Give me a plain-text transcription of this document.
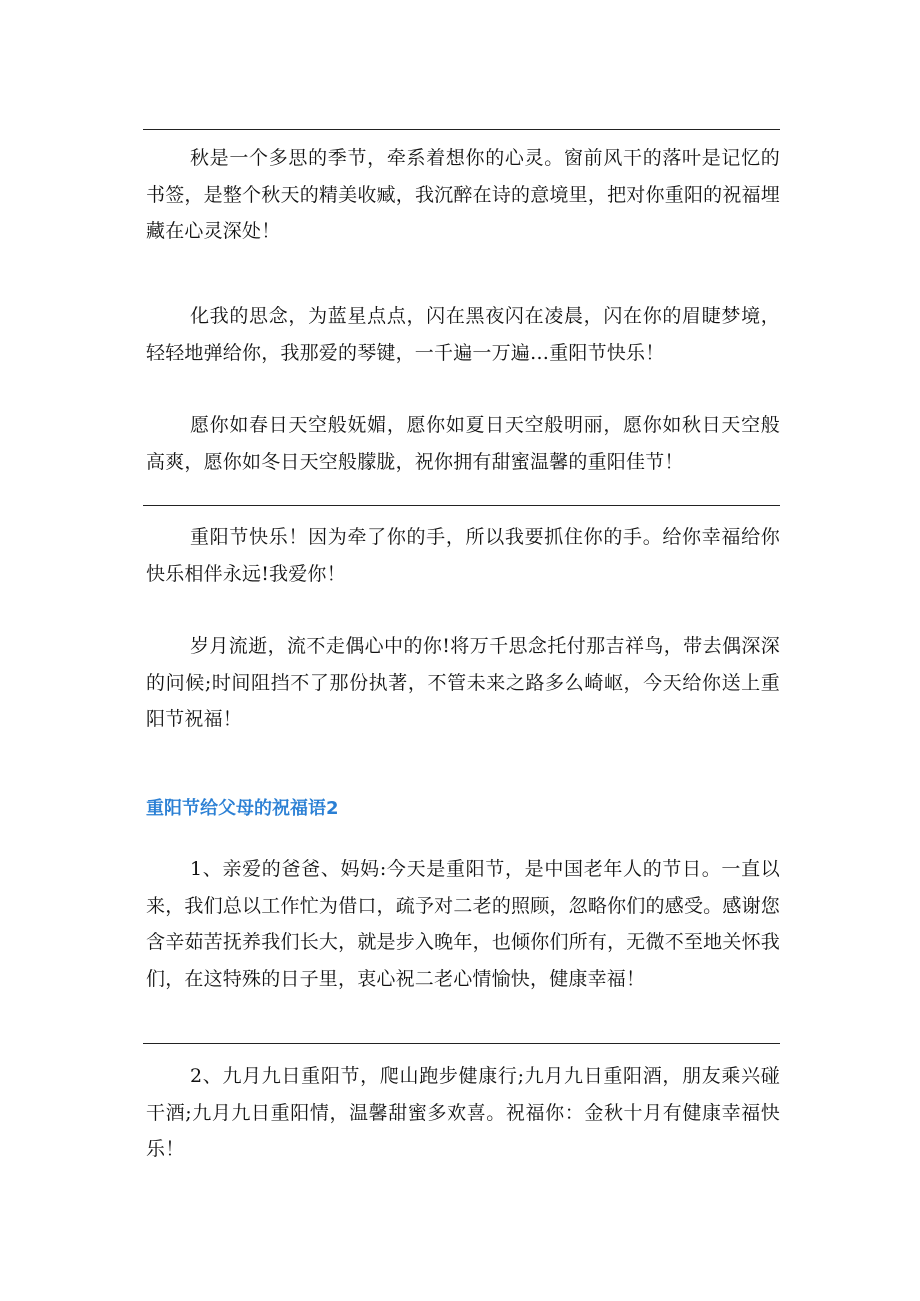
秋是一个多思的季节，牵系着想你的心灵。窗前风干的落叶是记忆的书签，是整个秋天的精美收臧，我沉醉在诗的意境里，把对你重阳的祝福埋藏在心灵深处！

化我的思念，为蓝星点点，闪在黑夜闪在凌晨，闪在你的眉睫梦境，轻轻地弹给你，我那爱的琴键，一千遍一万遍…重阳节快乐！

愿你如春日天空般妩媚，愿你如夏日天空般明丽，愿你如秋日天空般高爽，愿你如冬日天空般朦胧，祝你拥有甜蜜温馨的重阳佳节！

重阳节快乐！因为牵了你的手，所以我要抓住你的手。给你幸福给你快乐相伴永远!我爱你！

岁月流逝，流不走偶心中的你!将万千思念托付那吉祥鸟，带去偶深深的问候;时间阻挡不了那份执著，不管未来之路多么崎岖，今天给你送上重阳节祝福！

重阳节给父母的祝福语2

1、亲爱的爸爸、妈妈:今天是重阳节，是中国老年人的节日。一直以来，我们总以工作忙为借口，疏予对二老的照顾，忽略你们的感受。感谢您含辛茹苦抚养我们长大，就是步入晚年，也倾你们所有，无微不至地关怀我们，在这特殊的日子里，衷心祝二老心情愉快，健康幸福！

2、九月九日重阳节，爬山跑步健康行;九月九日重阳酒，朋友乘兴碰干酒;九月九日重阳情，温馨甜蜜多欢喜。祝福你：金秋十月有健康幸福快乐！
